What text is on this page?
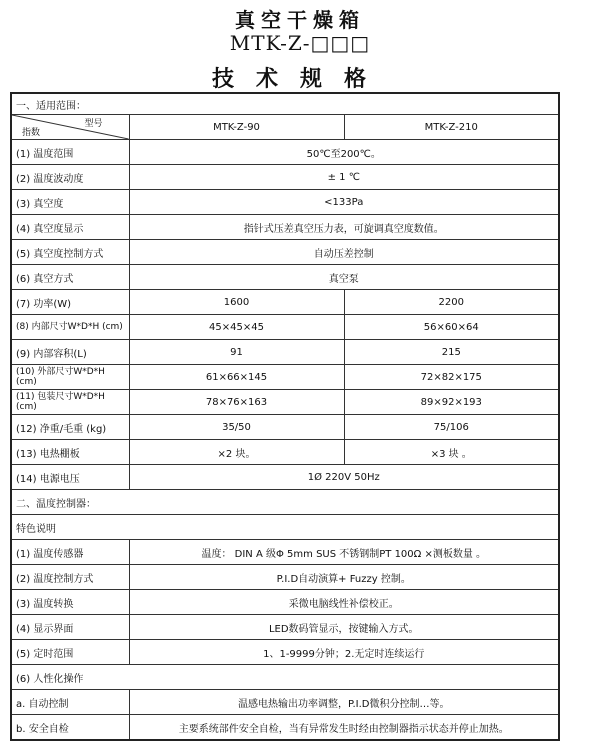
真空干燥箱
MTK-Z-□□□
技术规格
一、适用范围：		

型号
指数	MTK-Z-90	MTK-Z-210
(1) 温度范围	50℃至200℃。	
(2) 温度波动度	± 1 ℃	
(3) 真空度	<133Pa	
(4) 真空度显示	指针式压差真空压力表，可旋调真空度数值。	
(5) 真空度控制方式	自动压差控制	
(6) 真空方式	真空泵	
(7) 功率(W)	1600	2200
(8) 内部尺寸W*D*H (cm)	45×45×45	56×60×64
(9) 内部容积(L)	91	215
(10) 外部尺寸W*D*H (cm)	61×66×145	72×82×175
(11) 包装尺寸W*D*H (cm)	78×76×163	89×92×193
(12) 净重/毛重 (kg)	35/50	75/106
(13) 电热棚板	×2 块。	×3 块 。
(14) 电源电压	1Ø 220V 50Hz	
二、温度控制器：		
特色说明		
(1) 温度传感器	温度： DIN A 级Φ 5mm SUS 不锈钢制PT 100Ω ×测板数量 。	
(2) 温度控制方式	P.I.D自动演算+ Fuzzy 控制。	
(3) 温度转换	采微电脑线性补偿校正。	
(4) 显示界面	LED数码管显示，按键输入方式。	
(5) 定时范围	1、1-9999分钟；2.无定时连续运行	
(6) 人性化操作		
a. 自动控制	温感电热输出功率调整，P.I.D微积分控制…等。	
b. 安全自检	主要系统部件安全自检，当有异常发生时经由控制器指示状态并停止加热。	
